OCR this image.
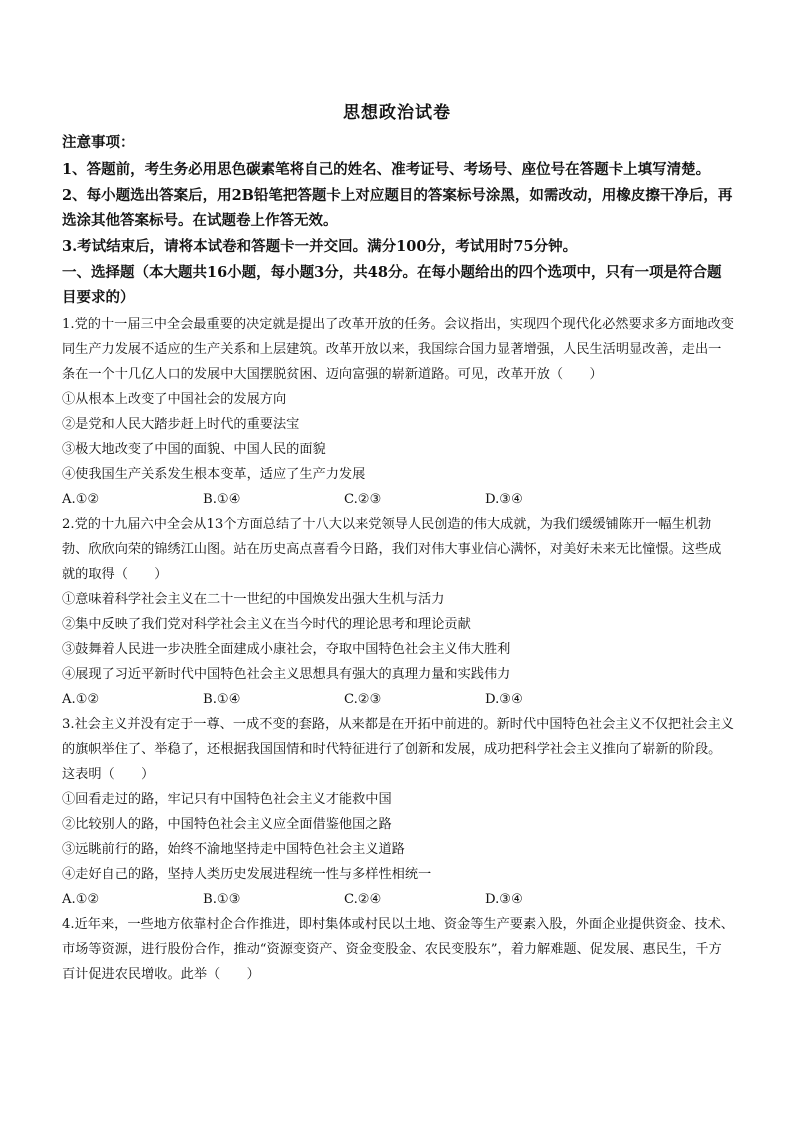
思想政治试卷
注意事项：

1、答题前，考生务必用思色碳素笔将自己的姓名、准考证号、考场号、座位号在答题卡上填写清楚。

2、每小题选出答案后，用2B铅笔把答题卡上对应题目的答案标号涂黑，如需改动，用橡皮擦干净后，再选涂其他答案标号。在试题卷上作答无效。

3.考试结束后，请将本试卷和答题卡一并交回。满分100分，考试用时75分钟。

一、选择题（本大题共16小题，每小题3分，共48分。在每小题给出的四个选项中，只有一项是符合题目要求的）

1.党的十一届三中全会最重要的决定就是提出了改革开放的任务。会议指出，实现四个现代化必然要求多方面地改变同生产力发展不适应的生产关系和上层建筑。改革开放以来，我国综合国力显著增强，人民生活明显改善，走出一条在一个十几亿人口的发展中大国摆脱贫困、迈向富强的崭新道路。可见，改革开放（　　）

①从根本上改变了中国社会的发展方向
②是党和人民大踏步赶上时代的重要法宝
③极大地改变了中国的面貌、中国人民的面貌
④使我国生产关系发生根本变革，适应了生产力发展
A.①②	B.①④	C.②③	D.③④

2.党的十九届六中全会从13个方面总结了十八大以来党领导人民创造的伟大成就，为我们缓缓铺陈开一幅生机勃勃、欣欣向荣的锦绣江山图。站在历史高点喜看今日路，我们对伟大事业信心满怀，对美好未来无比憧憬。这些成就的取得（　　）

①意味着科学社会主义在二十一世纪的中国焕发出强大生机与活力
②集中反映了我们党对科学社会主义在当今时代的理论思考和理论贡献
③鼓舞着人民进一步决胜全面建成小康社会，夺取中国特色社会主义伟大胜利
④展现了习近平新时代中国特色社会主义思想具有强大的真理力量和实践伟力
A.①②	B.①④	C.②③	D.③④

3.社会主义并没有定于一尊、一成不变的套路，从来都是在开拓中前进的。新时代中国特色社会主义不仅把社会主义的旗帜举住了、举稳了，还根据我国国情和时代特征进行了创新和发展，成功把科学社会主义推向了崭新的阶段。这表明（　　）

①回看走过的路，牢记只有中国特色社会主义才能救中国
②比较别人的路，中国特色社会主义应全面借鉴他国之路
③远眺前行的路，始终不渝地坚持走中国特色社会主义道路
④走好自己的路，坚持人类历史发展进程统一性与多样性相统一
A.①②	B.①③	C.②④	D.③④

4.近年来，一些地方依靠村企合作推进，即村集体或村民以土地、资金等生产要素入股，外面企业提供资金、技术、市场等资源，进行股份合作，推动“资源变资产、资金变股金、农民变股东”，着力解难题、促发展、惠民生，千方百计促进农民增收。此举（　　）
